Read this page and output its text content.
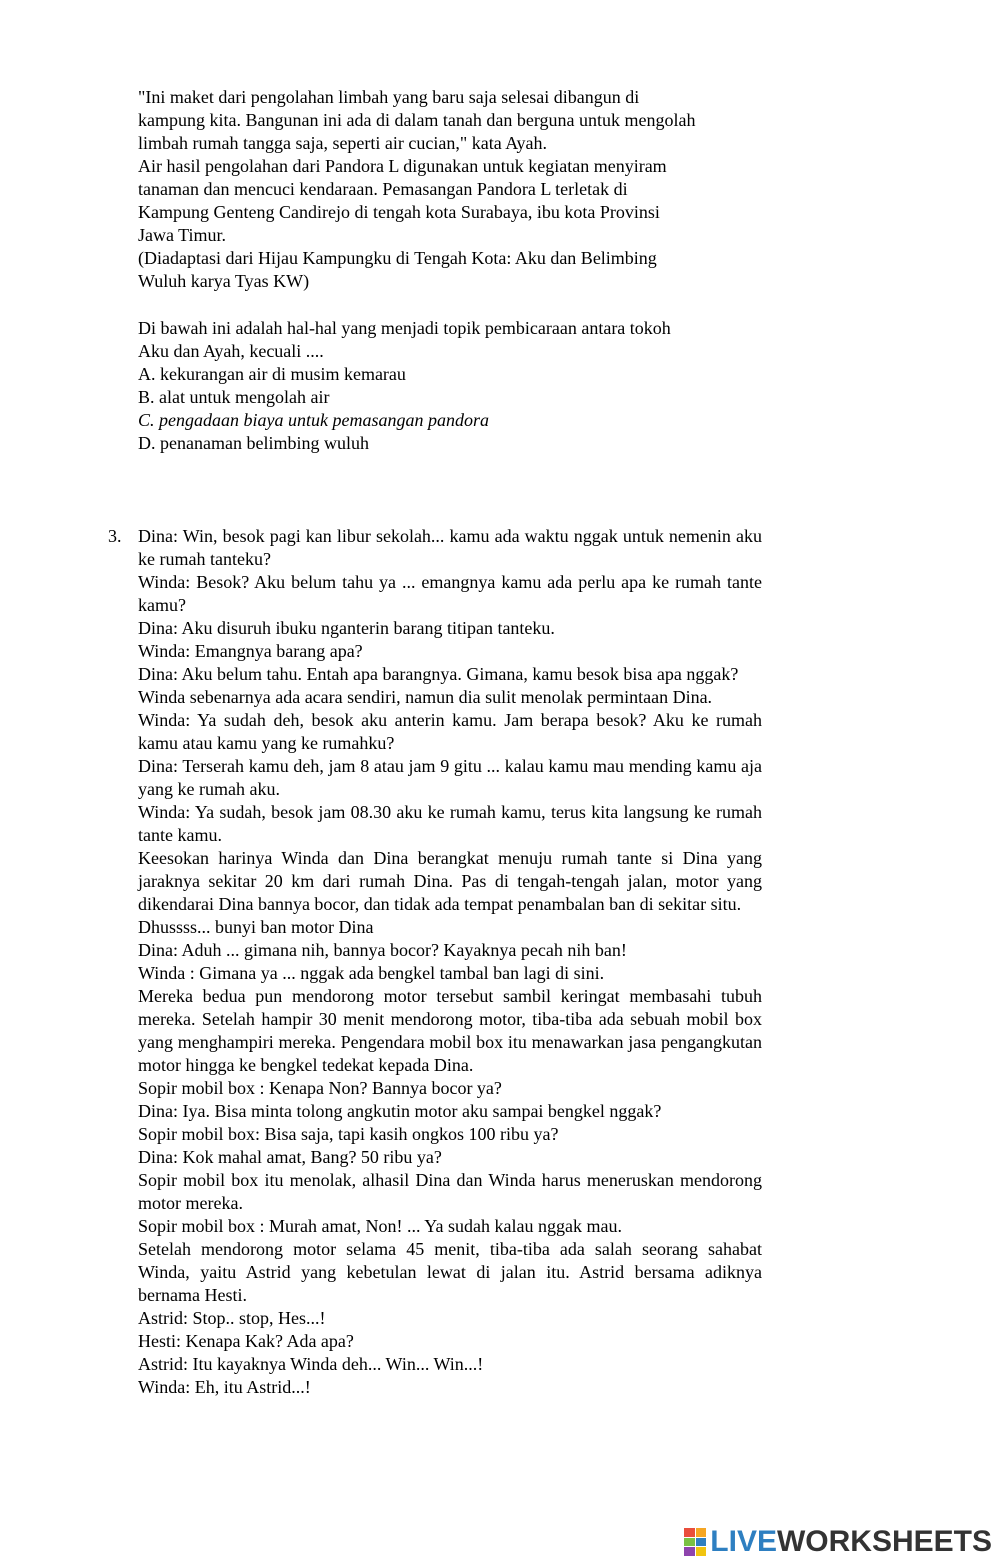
"Ini maket dari pengolahan limbah yang baru saja selesai dibangun di

kampung kita. Bangunan ini ada di dalam tanah dan berguna untuk mengolah

limbah rumah tangga saja, seperti air cucian," kata Ayah.

Air hasil pengolahan dari Pandora L digunakan untuk kegiatan menyiram

tanaman dan mencuci kendaraan. Pemasangan Pandora L terletak di

Kampung Genteng Candirejo di tengah kota Surabaya, ibu kota Provinsi

Jawa Timur.

(Diadaptasi dari Hijau Kampungku di Tengah Kota: Aku dan Belimbing

Wuluh karya Tyas KW)

Di bawah ini adalah hal-hal yang menjadi topik pembicaraan antara tokoh

Aku dan Ayah, kecuali ....

A. kekurangan air di musim kemarau

B. alat untuk mengolah air

C. pengadaan biaya untuk pemasangan pandora

D. penanaman belimbing wuluh

3. Dina: Win, besok pagi kan libur sekolah... kamu ada waktu nggak untuk nemenin aku ke rumah tanteku?

Winda: Besok? Aku belum tahu ya ... emangnya kamu ada perlu apa ke rumah tante kamu?

Dina: Aku disuruh ibuku nganterin barang titipan tanteku.

Winda: Emangnya barang apa?

Dina: Aku belum tahu. Entah apa barangnya. Gimana, kamu besok bisa apa nggak?

Winda sebenarnya ada acara sendiri, namun dia sulit menolak permintaan Dina.

Winda: Ya sudah deh, besok aku anterin kamu. Jam berapa besok? Aku ke rumah kamu atau kamu yang ke rumahku?

Dina: Terserah kamu deh, jam 8 atau jam 9 gitu ... kalau kamu mau mending kamu aja yang ke rumah aku.

Winda: Ya sudah, besok jam 08.30 aku ke rumah kamu, terus kita langsung ke rumah tante kamu.

Keesokan harinya Winda dan Dina berangkat menuju rumah tante si Dina yang jaraknya sekitar 20 km dari rumah Dina. Pas di tengah-tengah jalan, motor yang dikendarai Dina bannya bocor, dan tidak ada tempat penambalan ban di sekitar situ.

Dhussss... bunyi ban motor Dina

Dina: Aduh ... gimana nih, bannya bocor? Kayaknya pecah nih ban!

Winda : Gimana ya ... nggak ada bengkel tambal ban lagi di sini.

Mereka bedua pun mendorong motor tersebut sambil keringat membasahi tubuh mereka. Setelah hampir 30 menit mendorong motor, tiba-tiba ada sebuah mobil box yang menghampiri mereka. Pengendara mobil box itu menawarkan jasa pengangkutan motor hingga ke bengkel tedekat kepada Dina.

Sopir mobil box : Kenapa Non? Bannya bocor ya?

Dina: Iya. Bisa minta tolong angkutin motor aku sampai bengkel nggak?

Sopir mobil box: Bisa saja, tapi kasih ongkos 100 ribu ya?

Dina: Kok mahal amat, Bang? 50 ribu ya?

Sopir mobil box itu menolak, alhasil Dina dan Winda harus meneruskan mendorong motor mereka.

Sopir mobil box : Murah amat, Non! ... Ya sudah kalau nggak mau.

Setelah mendorong motor selama 45 menit, tiba-tiba ada salah seorang sahabat Winda, yaitu Astrid yang kebetulan lewat di jalan itu. Astrid bersama adiknya bernama Hesti.

Astrid: Stop.. stop, Hes...!

Hesti: Kenapa Kak? Ada apa?

Astrid: Itu kayaknya Winda deh... Win... Win...!

Winda: Eh, itu Astrid...!

LIVEWORKSHEETS
